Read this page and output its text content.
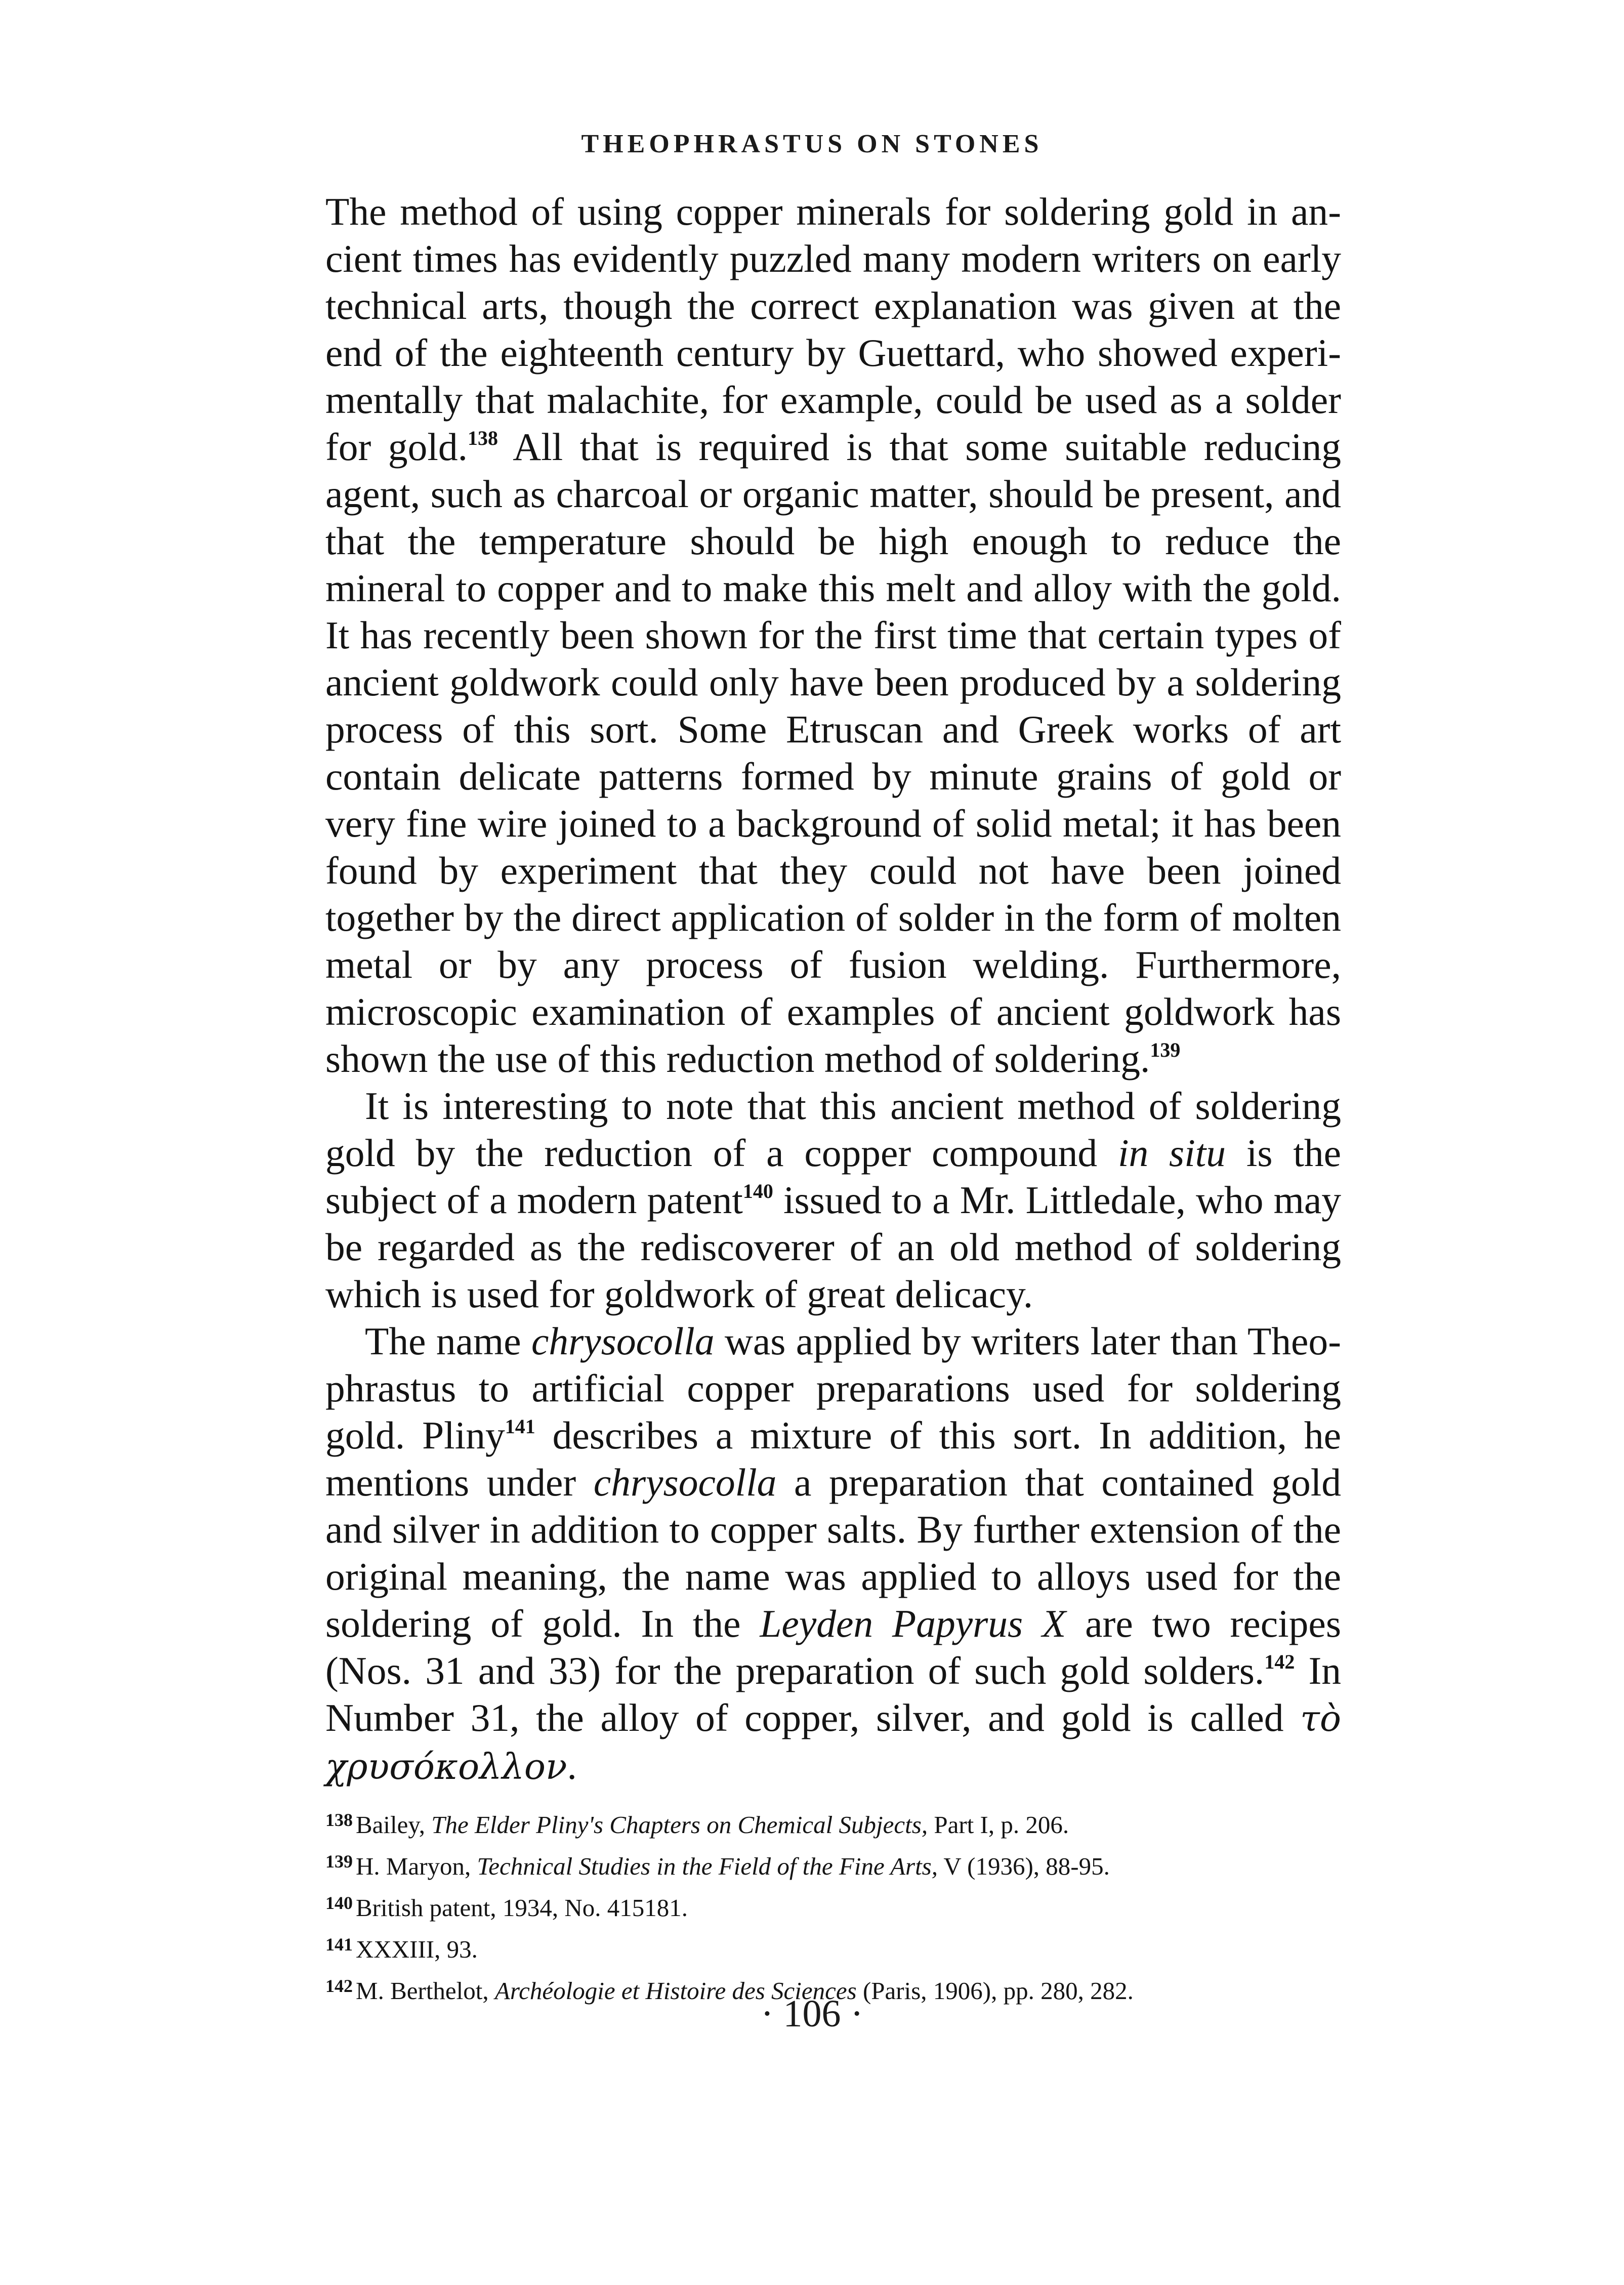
THEOPHRASTUS ON STONES

The method of using copper minerals for soldering gold in ancient times has evidently puzzled many modern writers on early technical arts, though the correct explanation was given at the end of the eighteenth century by Guettard, who showed experimentally that malachite, for example, could be used as a solder for gold.$^{138}$ All that is required is that some suitable reducing agent, such as charcoal or organic matter, should be present, and that the temperature should be high enough to reduce the mineral to copper and to make this melt and alloy with the gold. It has recently been shown for the first time that certain types of ancient goldwork could only have been produced by a soldering process of this sort. Some Etruscan and Greek works of art contain delicate patterns formed by minute grains of gold or very fine wire joined to a background of solid metal; it has been found by experiment that they could not have been joined together by the direct application of solder in the form of molten metal or by any process of fusion welding. Furthermore, microscopic examination of examples of ancient goldwork has shown the use of this reduction method of soldering.$^{139}$

It is interesting to note that this ancient method of soldering gold by the reduction of a copper compound in situ is the subject of a modern patent$^{140}$ issued to a Mr. Littledale, who may be regarded as the rediscoverer of an old method of soldering which is used for goldwork of great delicacy.

The name chrysocolla was applied by writers later than Theophrastus to artificial copper preparations used for soldering gold. Pliny$^{141}$ describes a mixture of this sort. In addition, he mentions under chrysocolla a preparation that contained gold and silver in addition to copper salts. By further extension of the original meaning, the name was applied to alloys used for the soldering of gold. In the Leyden Papyrus X are two recipes (Nos. 31 and 33) for the preparation of such gold solders.$^{142}$ In Number 31, the alloy of copper, silver, and gold is called τὸ χρυσόκολλον.

$^{138}$ Bailey, The Elder Pliny's Chapters on Chemical Subjects, Part I, p. 206.
$^{139}$ H. Maryon, Technical Studies in the Field of the Fine Arts, V (1936), 88-95.
$^{140}$ British patent, 1934, No. 415181.
$^{141}$ XXXIII, 93.
$^{142}$ M. Berthelot, Archéologie et Histoire des Sciences (Paris, 1906), pp. 280, 282.
· 106 ·
